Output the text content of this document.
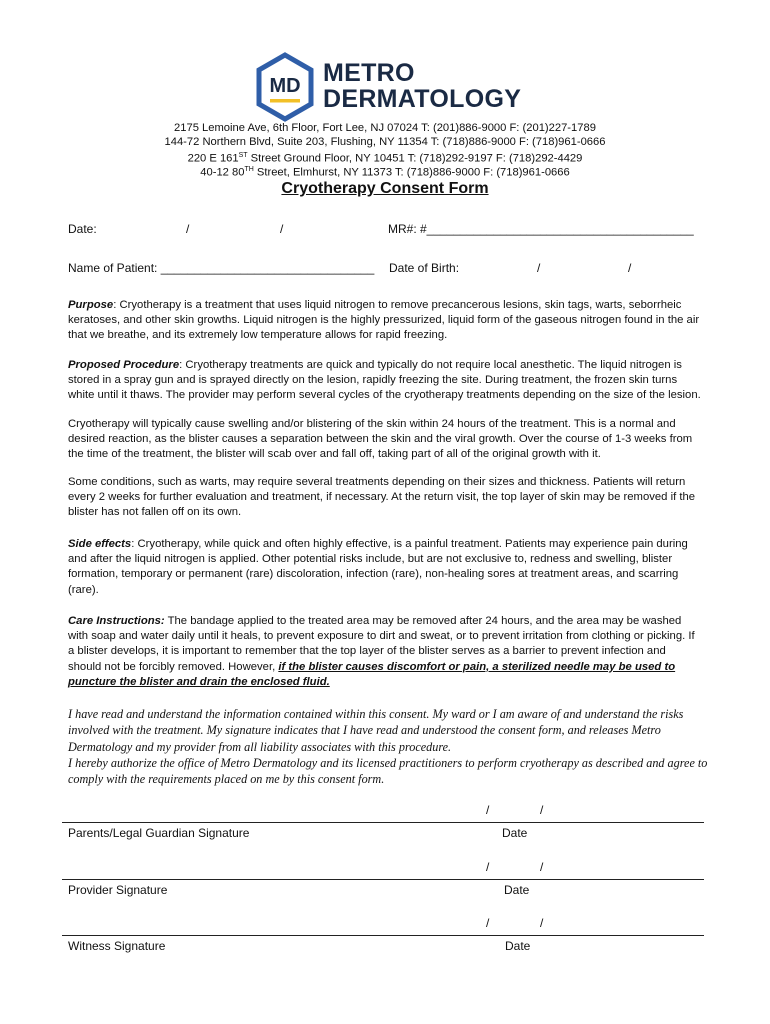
MD METRO
DERMATOLOGY
2175 Lemoine Ave, 6th Floor, Fort Lee, NJ 07024 T: (201)886-9000 F: (201)227-1789
144-72 Northern Blvd, Suite 203, Flushing, NY 11354 T: (718)886-9000 F: (718)961-0666
220 E 161ST Street Ground Floor, NY 10451 T: (718)292-9197 F: (718)292-4429
40-12 80TH Street, Elmhurst, NY 11373 T: (718)886-9000 F: (718)961-0666
Cryotherapy Consent Form
Date:	/	/	MR#: #________________________________________
Name of Patient: ________________________________ Date of Birth:	/	/

Purpose: Cryotherapy is a treatment that uses liquid nitrogen to remove precancerous lesions, skin tags, warts, seborrheic keratoses, and other skin growths. Liquid nitrogen is the highly pressurized, liquid form of the gaseous nitrogen found in the air that we breathe, and its extremely low temperature allows for rapid freezing.

Proposed Procedure: Cryotherapy treatments are quick and typically do not require local anesthetic. The liquid nitrogen is stored in a spray gun and is sprayed directly on the lesion, rapidly freezing the site. During treatment, the frozen skin turns white until it thaws. The provider may perform several cycles of the cryotherapy treatments depending on the size of the lesion.

Cryotherapy will typically cause swelling and/or blistering of the skin within 24 hours of the treatment. This is a normal and desired reaction, as the blister causes a separation between the skin and the viral growth. Over the course of 1-3 weeks from the time of the treatment, the blister will scab over and fall off, taking part of all of the original growth with it.

Some conditions, such as warts, may require several treatments depending on their sizes and thickness. Patients will return every 2 weeks for further evaluation and treatment, if necessary. At the return visit, the top layer of skin may be removed if the blister has not fallen off on its own.

Side effects: Cryotherapy, while quick and often highly effective, is a painful treatment. Patients may experience pain during and after the liquid nitrogen is applied. Other potential risks include, but are not exclusive to, redness and swelling, blister formation, temporary or permanent (rare) discoloration, infection (rare), non-healing sores at treatment areas, and scarring (rare).

Care Instructions: The bandage applied to the treated area may be removed after 24 hours, and the area may be washed with soap and water daily until it heals, to prevent exposure to dirt and sweat, or to prevent irritation from clothing or picking. If a blister develops, it is important to remember that the top layer of the blister serves as a barrier to prevent infection and should not be forcibly removed. However, if the blister causes discomfort or pain, a sterilized needle may be used to puncture the blister and drain the enclosed fluid.

I have read and understand the information contained within this consent. My ward or I am aware of and understand the risks involved with the treatment. My signature indicates that I have read and understood the consent form, and releases Metro Dermatology and my provider from all liability associates with this procedure.

I hereby authorize the office of Metro Dermatology and its licensed practitioners to perform cryotherapy as described and agree to comply with the requirements placed on me by this consent form.

/	/
Parents/Legal Guardian Signature	Date
/	/
Provider Signature	Date
/	/
Witness Signature	Date
